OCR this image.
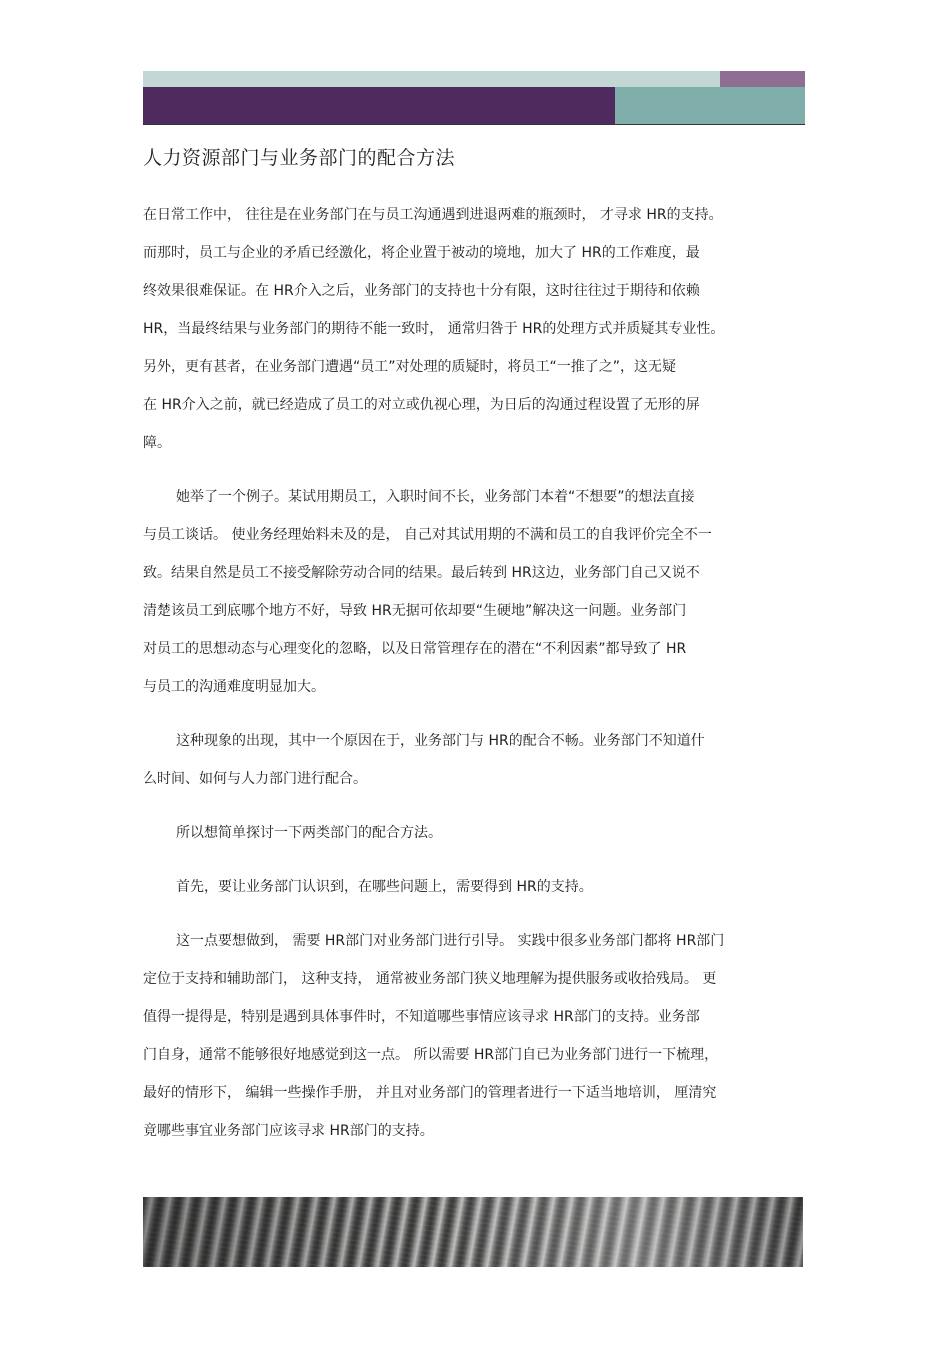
人力资源部门与业务部门的配合方法
在日常工作中， 往往是在业务部门在与员工沟通遇到进退两难的瓶颈时， 才寻求 HR的支持。
而那时，员工与企业的矛盾已经激化，将企业置于被动的境地，加大了 HR的工作难度，最
终效果很难保证。在 HR介入之后，业务部门的支持也十分有限，这时往往过于期待和依赖
HR，当最终结果与业务部门的期待不能一致时， 通常归咎于 HR的处理方式并质疑其专业性。
另外，更有甚者，在业务部门遭遇“员工”对处理的质疑时，将员工“一推了之”，这无疑
在 HR介入之前，就已经造成了员工的对立或仇视心理，为日后的沟通过程设置了无形的屏
障。
她举了一个例子。某试用期员工，入职时间不长，业务部门本着“不想要”的想法直接
与员工谈话。 使业务经理始料未及的是， 自己对其试用期的不满和员工的自我评价完全不一
致。结果自然是员工不接受解除劳动合同的结果。最后转到 HR这边，业务部门自己又说不
清楚该员工到底哪个地方不好，导致 HR无据可依却要“生硬地”解决这一问题。业务部门
对员工的思想动态与心理变化的忽略，以及日常管理存在的潜在“不利因素”都导致了 HR
与员工的沟通难度明显加大。
这种现象的出现，其中一个原因在于，业务部门与 HR的配合不畅。业务部门不知道什
么时间、如何与人力部门进行配合。
所以想简单探讨一下两类部门的配合方法。
首先，要让业务部门认识到，在哪些问题上，需要得到 HR的支持。
这一点要想做到， 需要 HR部门对业务部门进行引导。 实践中很多业务部门都将 HR部门
定位于支持和辅助部门， 这种支持， 通常被业务部门狭义地理解为提供服务或收拾残局。 更
值得一提得是，特别是遇到具体事件时，不知道哪些事情应该寻求 HR部门的支持。业务部
门自身，通常不能够很好地感觉到这一点。 所以需要 HR部门自已为业务部门进行一下梳理，
最好的情形下， 编辑一些操作手册， 并且对业务部门的管理者进行一下适当地培训， 厘清究
竟哪些事宜业务部门应该寻求 HR部门的支持。
